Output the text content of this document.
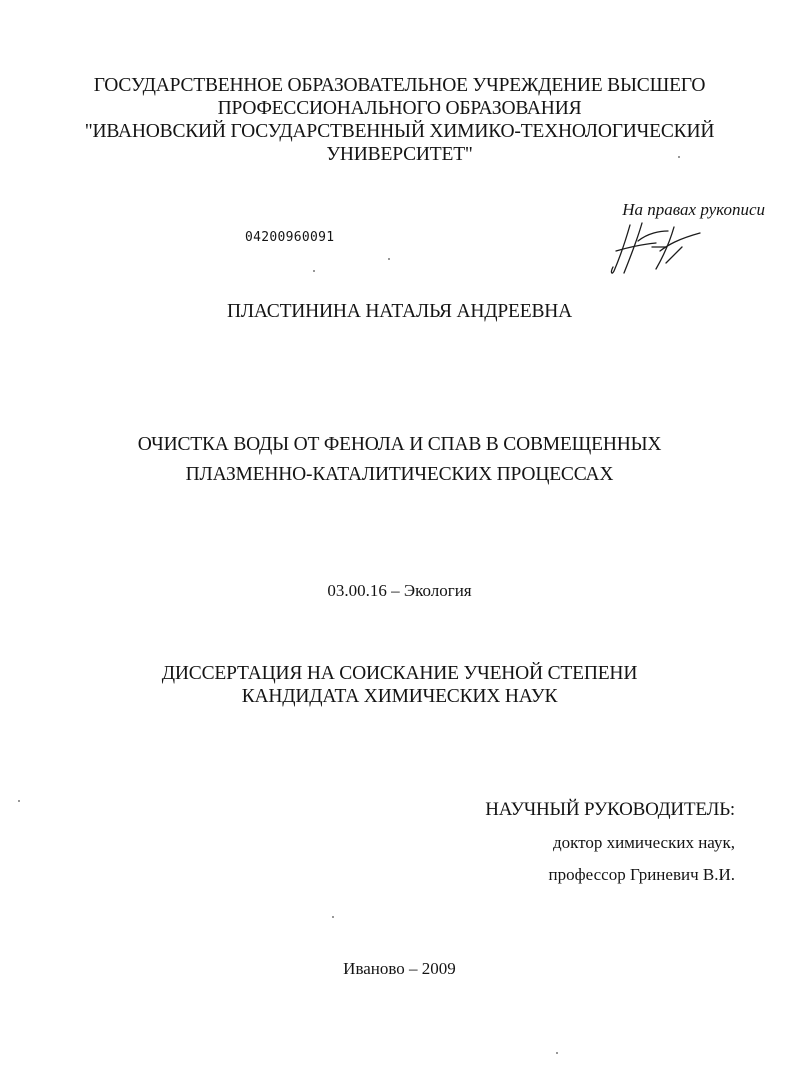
ГОСУДАРСТВЕННОЕ ОБРАЗОВАТЕЛЬНОЕ УЧРЕЖДЕНИЕ ВЫСШЕГО
ПРОФЕССИОНАЛЬНОГО ОБРАЗОВАНИЯ
"ИВАНОВСКИЙ ГОСУДАРСТВЕННЫЙ ХИМИКО-ТЕХНОЛОГИЧЕСКИЙ
УНИВЕРСИТЕТ"
На правах рукописи
04200960091
ПЛАСТИНИНА НАТАЛЬЯ АНДРЕЕВНА
ОЧИСТКА ВОДЫ ОТ ФЕНОЛА И СПАВ В СОВМЕЩЕННЫХ
ПЛАЗМЕННО-КАТАЛИТИЧЕСКИХ ПРОЦЕССАХ
03.00.16 – Экология
ДИССЕРТАЦИЯ НА СОИСКАНИЕ УЧЕНОЙ СТЕПЕНИ
КАНДИДАТА ХИМИЧЕСКИХ НАУК
НАУЧНЫЙ РУКОВОДИТЕЛЬ:
доктор химических наук,
профессор Гриневич В.И.
Иваново – 2009
